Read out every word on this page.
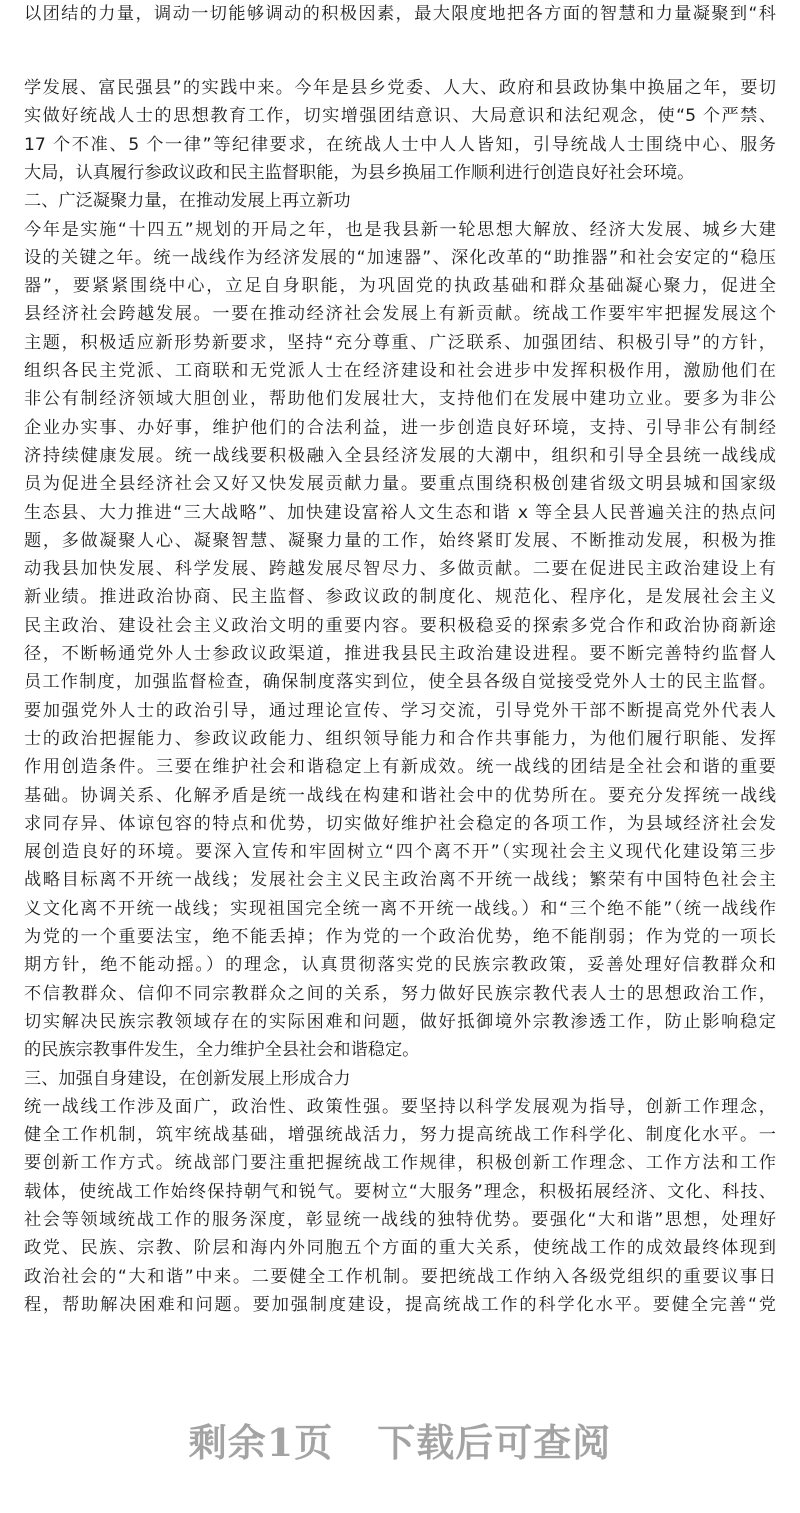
以团结的力量，调动一切能够调动的积极因素，最大限度地把各方面的智慧和力量凝聚到“科
学发展、富民强县”的实践中来。今年是县乡党委、人大、政府和县政协集中换届之年，要切
实做好统战人士的思想教育工作，切实增强团结意识、大局意识和法纪观念，使“5 个严禁、
17 个不准、5 个一律”等纪律要求，在统战人士中人人皆知，引导统战人士围绕中心、服务
大局，认真履行参政议政和民主监督职能，为县乡换届工作顺利进行创造良好社会环境。
二、广泛凝聚力量，在推动发展上再立新功
今年是实施“十四五”规划的开局之年，也是我县新一轮思想大解放、经济大发展、城乡大建
设的关键之年。统一战线作为经济发展的“加速器”、深化改革的“助推器”和社会安定的“稳压
器”，要紧紧围绕中心，立足自身职能，为巩固党的执政基础和群众基础凝心聚力，促进全
县经济社会跨越发展。一要在推动经济社会发展上有新贡献。统战工作要牢牢把握发展这个
主题，积极适应新形势新要求，坚持“充分尊重、广泛联系、加强团结、积极引导”的方针，
组织各民主党派、工商联和无党派人士在经济建设和社会进步中发挥积极作用，激励他们在
非公有制经济领域大胆创业，帮助他们发展壮大，支持他们在发展中建功立业。要多为非公
企业办实事、办好事，维护他们的合法利益，进一步创造良好环境，支持、引导非公有制经
济持续健康发展。统一战线要积极融入全县经济发展的大潮中，组织和引导全县统一战线成
员为促进全县经济社会又好又快发展贡献力量。要重点围绕积极创建省级文明县城和国家级
生态县、大力推进“三大战略”、加快建设富裕人文生态和谐 x 等全县人民普遍关注的热点问
题，多做凝聚人心、凝聚智慧、凝聚力量的工作，始终紧盯发展、不断推动发展，积极为推
动我县加快发展、科学发展、跨越发展尽智尽力、多做贡献。二要在促进民主政治建设上有
新业绩。推进政治协商、民主监督、参政议政的制度化、规范化、程序化，是发展社会主义
民主政治、建设社会主义政治文明的重要内容。要积极稳妥的探索多党合作和政治协商新途
径，不断畅通党外人士参政议政渠道，推进我县民主政治建设进程。要不断完善特约监督人
员工作制度，加强监督检查，确保制度落实到位，使全县各级自觉接受党外人士的民主监督。
要加强党外人士的政治引导，通过理论宣传、学习交流，引导党外干部不断提高党外代表人
士的政治把握能力、参政议政能力、组织领导能力和合作共事能力，为他们履行职能、发挥
作用创造条件。三要在维护社会和谐稳定上有新成效。统一战线的团结是全社会和谐的重要
基础。协调关系、化解矛盾是统一战线在构建和谐社会中的优势所在。要充分发挥统一战线
求同存异、体谅包容的特点和优势，切实做好维护社会稳定的各项工作，为县域经济社会发
展创造良好的环境。要深入宣传和牢固树立“四个离不开”（实现社会主义现代化建设第三步
战略目标离不开统一战线；发展社会主义民主政治离不开统一战线；繁荣有中国特色社会主
义文化离不开统一战线；实现祖国完全统一离不开统一战线。）和“三个绝不能”（统一战线作
为党的一个重要法宝，绝不能丢掉；作为党的一个政治优势，绝不能削弱；作为党的一项长
期方针，绝不能动摇。）的理念，认真贯彻落实党的民族宗教政策，妥善处理好信教群众和
不信教群众、信仰不同宗教群众之间的关系，努力做好民族宗教代表人士的思想政治工作，
切实解决民族宗教领域存在的实际困难和问题，做好抵御境外宗教渗透工作，防止影响稳定
的民族宗教事件发生，全力维护全县社会和谐稳定。
三、加强自身建设，在创新发展上形成合力
统一战线工作涉及面广，政治性、政策性强。要坚持以科学发展观为指导，创新工作理念，
健全工作机制，筑牢统战基础，增强统战活力，努力提高统战工作科学化、制度化水平。一
要创新工作方式。统战部门要注重把握统战工作规律，积极创新工作理念、工作方法和工作
载体，使统战工作始终保持朝气和锐气。要树立“大服务”理念，积极拓展经济、文化、科技、
社会等领域统战工作的服务深度，彰显统一战线的独特优势。要强化“大和谐”思想，处理好
政党、民族、宗教、阶层和海内外同胞五个方面的重大关系，使统战工作的成效最终体现到
政治社会的“大和谐”中来。二要健全工作机制。要把统战工作纳入各级党组织的重要议事日
程，帮助解决困难和问题。要加强制度建设，提高统战工作的科学化水平。要健全完善“党
剩余1页 下载后可查阅
